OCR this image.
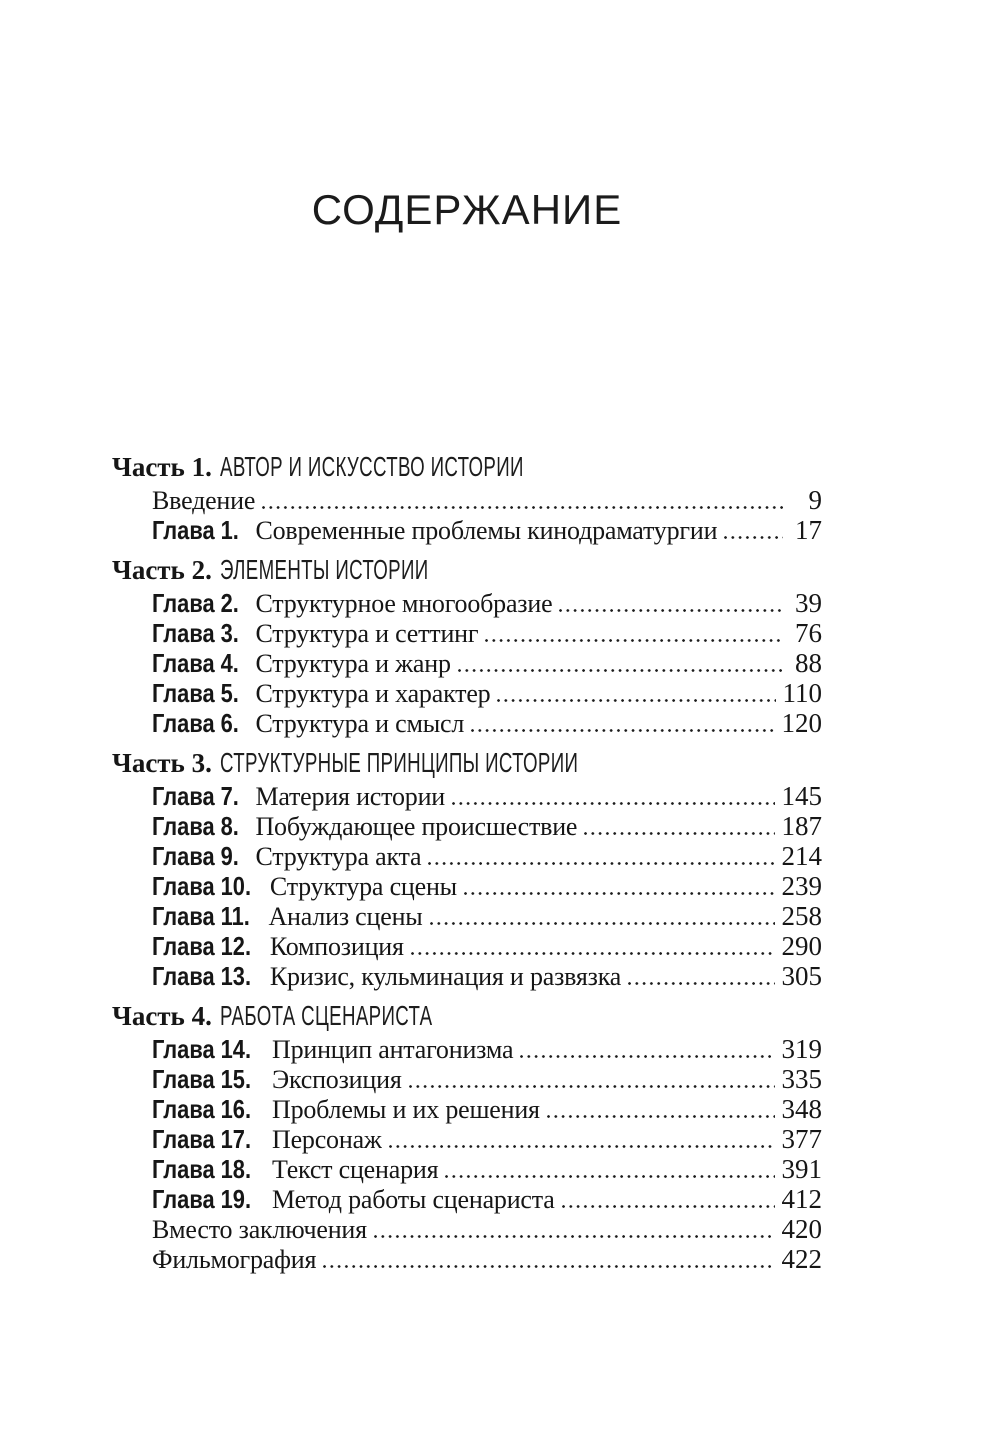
СОДЕРЖАНИЕ
Часть 1. АВТОР И ИСКУССТВО ИСТОРИИ
Введение	9
Глава 1. Современные проблемы кинодраматургии	17
Часть 2. ЭЛЕМЕНТЫ ИСТОРИИ
Глава 2. Структурное многообразие	39
Глава 3. Структура и сеттинг	76
Глава 4. Структура и жанр	88
Глава 5. Структура и характер	110
Глава 6. Структура и смысл	120
Часть 3. СТРУКТУРНЫЕ ПРИНЦИПЫ ИСТОРИИ
Глава 7. Материя истории	145
Глава 8. Побуждающее происшествие	187
Глава 9. Структура акта	214
Глава 10. Структура сцены	239
Глава 11. Анализ сцены	258
Глава 12. Композиция	290
Глава 13. Кризис, кульминация и развязка	305
Часть 4. РАБОТА СЦЕНАРИСТА
Глава 14. Принцип антагонизма	319
Глава 15. Экспозиция	335
Глава 16. Проблемы и их решения	348
Глава 17. Персонаж	377
Глава 18. Текст сценария	391
Глава 19. Метод работы сценариста	412
Вместо заключения	420
Фильмография	422
